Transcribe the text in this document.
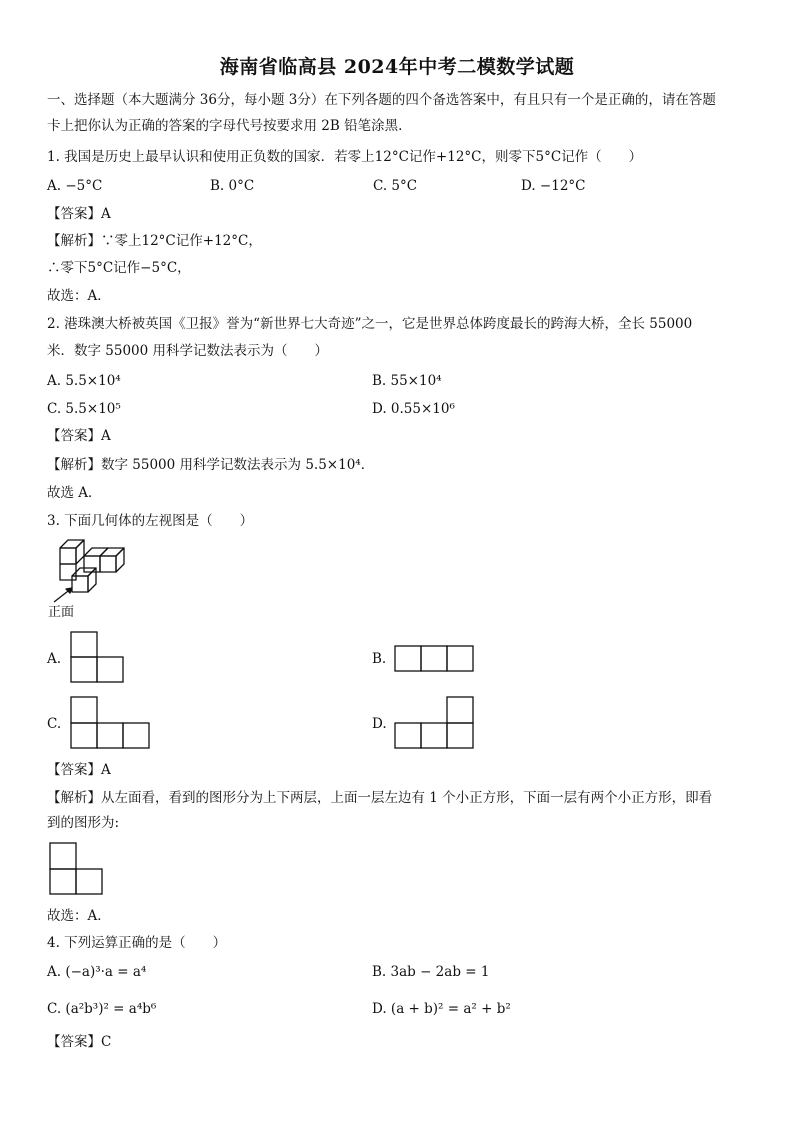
海南省临高县 2024年中考二模数学试题
一、选择题（本大题满分 36分，每小题 3分）在下列各题的四个备选答案中，有且只有一个是正确的，请在答题
卡上把你认为正确的答案的字母代号按要求用 2B 铅笔涂黑.
1. 我国是历史上最早认识和使用正负数的国家．若零上12°C记作+12°C，则零下5°C记作（　　）
A. −5°C	B. 0°C	C. 5°C	D. −12°C
【答案】A
【解析】∵零上12°C记作+12°C，
∴零下5°C记作−5°C，
故选：A．
2. 港珠澳大桥被英国《卫报》誉为“新世界七大奇迹”之一，它是世界总体跨度最长的跨海大桥，全长 55000
米．数字 55000 用科学记数法表示为（　　）
A. 5.5×10⁴	B. 55×10⁴
C. 5.5×10⁵	D. 0.55×10⁶
【答案】A
【解析】数字 55000 用科学记数法表示为 5.5×10⁴．
故选 A．
3. 下面几何体的左视图是（　　）
正面
A.	B.
C.	D.
【答案】A
【解析】从左面看，看到的图形分为上下两层，上面一层左边有 1 个小正方形，下面一层有两个小正方形，即看
到的图形为:
故选：A．
4. 下列运算正确的是（　　）
A. (−a)³·a = a⁴	B. 3ab − 2ab = 1
C. (a²b³)² = a⁴b⁶	D. (a + b)² = a² + b²
【答案】C
